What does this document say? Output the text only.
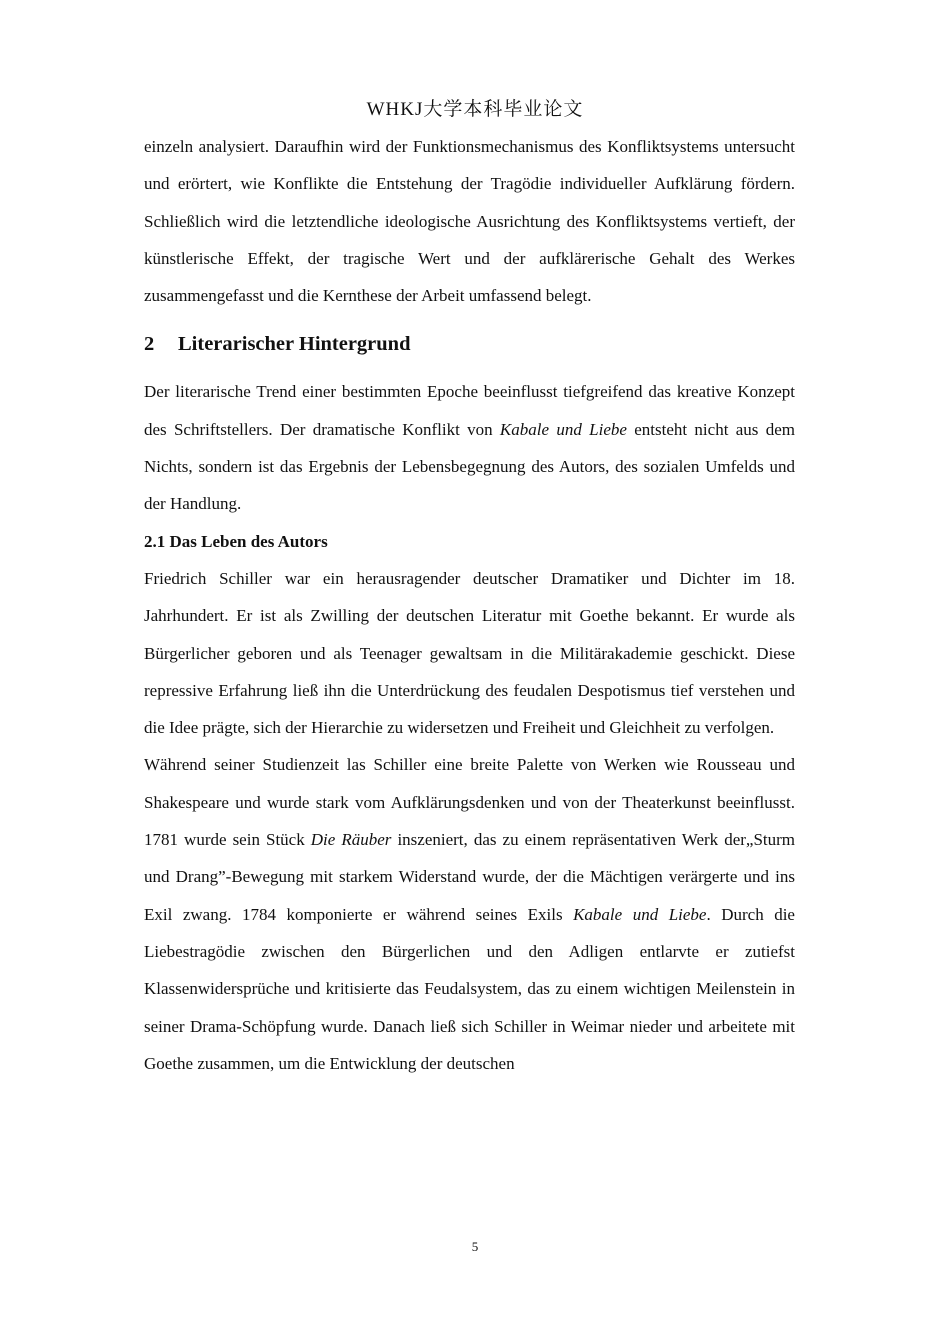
WHKJ大学本科毕业论文

einzeln analysiert. Daraufhin wird der Funktionsmechanismus des Konfliktsystems untersucht und erörtert, wie Konflikte die Entstehung der Tragödie individueller Aufklärung fördern. Schließlich wird die letztendliche ideologische Ausrichtung des Konfliktsystems vertieft, der künstlerische Effekt, der tragische Wert und der aufklärerische Gehalt des Werkes zusammengefasst und die Kernthese der Arbeit umfassend belegt.

2 Literarischer Hintergrund

Der literarische Trend einer bestimmten Epoche beeinflusst tiefgreifend das kreative Konzept des Schriftstellers. Der dramatische Konflikt von Kabale und Liebe entsteht nicht aus dem Nichts, sondern ist das Ergebnis der Lebensbegegnung des Autors, des sozialen Umfelds und der Handlung.

2.1 Das Leben des Autors

Friedrich Schiller war ein herausragender deutscher Dramatiker und Dichter im 18. Jahrhundert. Er ist als Zwilling der deutschen Literatur mit Goethe bekannt. Er wurde als Bürgerlicher geboren und als Teenager gewaltsam in die Militärakademie geschickt. Diese repressive Erfahrung ließ ihn die Unterdrückung des feudalen Despotismus tief verstehen und die Idee prägte, sich der Hierarchie zu widersetzen und Freiheit und Gleichheit zu verfolgen.

Während seiner Studienzeit las Schiller eine breite Palette von Werken wie Rousseau und Shakespeare und wurde stark vom Aufklärungsdenken und von der Theaterkunst beeinflusst. 1781 wurde sein Stück Die Räuber inszeniert, das zu einem repräsentativen Werk der„Sturm und Drang”-Bewegung mit starkem Widerstand wurde, der die Mächtigen verärgerte und ins Exil zwang. 1784 komponierte er während seines Exils Kabale und Liebe. Durch die Liebestragödie zwischen den Bürgerlichen und den Adligen entlarvte er zutiefst Klassenwidersprüche und kritisierte das Feudalsystem, das zu einem wichtigen Meilenstein in seiner Drama-Schöpfung wurde. Danach ließ sich Schiller in Weimar nieder und arbeitete mit Goethe zusammen, um die Entwicklung der deutschen

5
